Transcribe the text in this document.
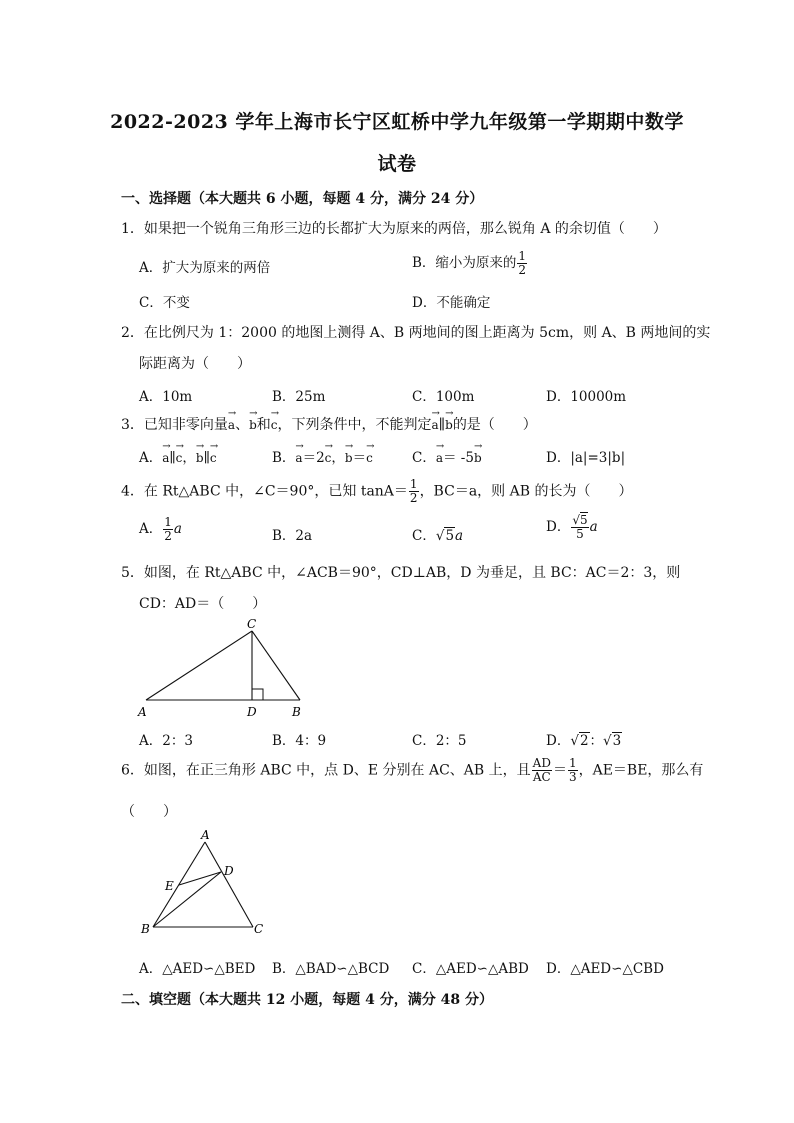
2022-2023 学年上海市长宁区虹桥中学九年级第一学期期中数学
试卷
一、选择题（本大题共 6 小题，每题 4 分，满分 24 分）
1．如果把一个锐角三角形三边的长都扩大为原来的两倍，那么锐角 A 的余切值（　　）
A．扩大为原来的两倍	B．缩小为原来的 $\frac{1}{2}$
C．不变	D．不能确定
2．在比例尺为 1：2000 的地图上测得 A、B 两地间的图上距离为 5cm，则 A、B 两地间的实
际距离为（　　）
A．10m	B．25m	C．100m	D．10000m
3．已知非零向量→ a、→ b和→ c，下列条件中，不能判定→ a∥→ b的是（　　）
A．→ a∥→ c，→ b∥→ c	B．→ a＝2→ c，→ b＝→ c	C．→ a＝ -5→ b	D．|a|=3|b|
4．在 Rt△ABC 中，∠C＝90°，已知 $\tan A= \frac{1}{2}$ ，BC＝a，则 AB 的长为（　　）
A． $\frac{1}{2}$ a	B．2a	C．√5a
D． $\frac{√5}{5}$ a
5．如图，在 Rt△ABC 中，∠ACB＝90°，CD⊥AB，D 为垂足，且 BC：AC＝2：3，则
CD：AD＝（　　）
C
A	D	B
A．2：3	B．4：9	C．2：5	D．√2：√3
6．如图，在正三角形 ABC 中，点 D、E 分别在 AC、AB 上，且 $\frac{AD}{AC} = \frac{1}{3}$ ，AE＝BE，那么有
（　　）
A
D
E
B	C
A．△AED∽△BED B．△BAD∽△BCD C．△AED∽△ABD D．△AED∽△CBD
二、填空题（本大题共 12 小题，每题 4 分，满分 48 分）
